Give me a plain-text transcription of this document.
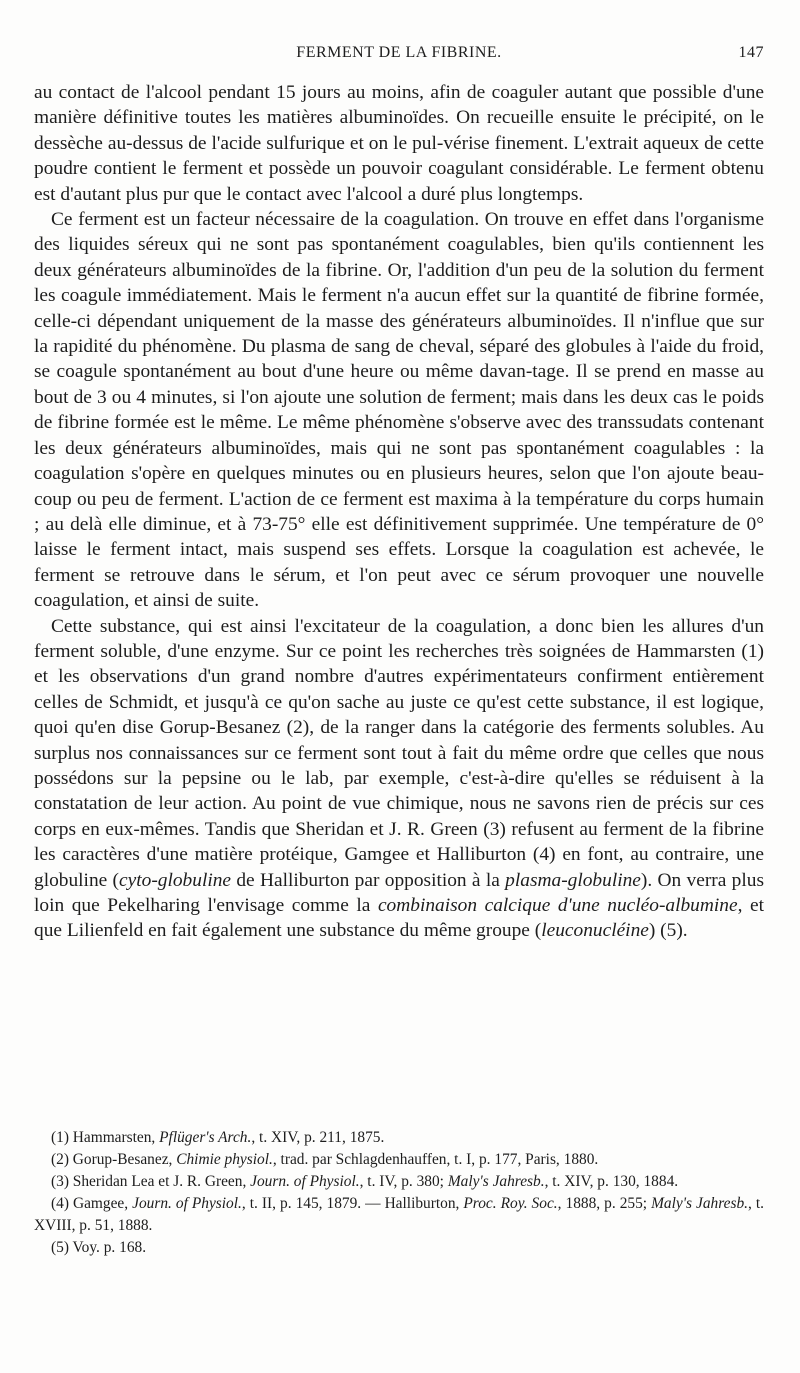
FERMENT DE LA FIBRINE.	147

au contact de l'alcool pendant 15 jours au moins, afin de coaguler autant que possible d'une manière définitive toutes les matières albuminoïdes. On recueille ensuite le précipité, on le dessèche au-dessus de l'acide sulfurique et on le pul-vérise finement. L'extrait aqueux de cette poudre contient le ferment et possède un pouvoir coagulant considérable. Le ferment obtenu est d'autant plus pur que le contact avec l'alcool a duré plus longtemps.

Ce ferment est un facteur nécessaire de la coagulation. On trouve en effet dans l'organisme des liquides séreux qui ne sont pas spontanément coagulables, bien qu'ils contiennent les deux générateurs albuminoïdes de la fibrine. Or, l'addition d'un peu de la solution du ferment les coagule immédiatement. Mais le ferment n'a aucun effet sur la quantité de fibrine formée, celle-ci dépendant uniquement de la masse des générateurs albuminoïdes. Il n'influe que sur la rapidité du phénomène. Du plasma de sang de cheval, séparé des globules à l'aide du froid, se coagule spontanément au bout d'une heure ou même davan-tage. Il se prend en masse au bout de 3 ou 4 minutes, si l'on ajoute une solution de ferment; mais dans les deux cas le poids de fibrine formée est le même. Le même phénomène s'observe avec des transsudats contenant les deux générateurs albuminoïdes, mais qui ne sont pas spontanément coagulables : la coagulation s'opère en quelques minutes ou en plusieurs heures, selon que l'on ajoute beau-coup ou peu de ferment. L'action de ce ferment est maxima à la température du corps humain ; au delà elle diminue, et à 73-75° elle est définitivement supprimée. Une température de 0° laisse le ferment intact, mais suspend ses effets. Lorsque la coagulation est achevée, le ferment se retrouve dans le sérum, et l'on peut avec ce sérum provoquer une nouvelle coagulation, et ainsi de suite.

Cette substance, qui est ainsi l'excitateur de la coagulation, a donc bien les allures d'un ferment soluble, d'une enzyme. Sur ce point les recherches très soignées de Hammarsten (1) et les observations d'un grand nombre d'autres expérimentateurs confirment entièrement celles de Schmidt, et jusqu'à ce qu'on sache au juste ce qu'est cette substance, il est logique, quoi qu'en dise Gorup-Besanez (2), de la ranger dans la catégorie des ferments solubles. Au surplus nos connaissances sur ce ferment sont tout à fait du même ordre que celles que nous possédons sur la pepsine ou le lab, par exemple, c'est-à-dire qu'elles se réduisent à la constatation de leur action. Au point de vue chimique, nous ne savons rien de précis sur ces corps en eux-mêmes. Tandis que Sheridan et J. R. Green (3) refusent au ferment de la fibrine les caractères d'une matière protéique, Gamgee et Halliburton (4) en font, au contraire, une globuline (cyto-globuline de Halliburton par opposition à la plasma-globuline). On verra plus loin que Pekelharing l'envisage comme la combinaison calcique d'une nucléo-albumine, et que Lilienfeld en fait également une substance du même groupe (leuconucléine) (5).

(1) Hammarsten, Pflüger's Arch., t. XIV, p. 211, 1875.

(2) Gorup-Besanez, Chimie physiol., trad. par Schlagdenhauffen, t. I, p. 177, Paris, 1880.

(3) Sheridan Lea et J. R. Green, Journ. of Physiol., t. IV, p. 380; Maly's Jahresb., t. XIV, p. 130, 1884.

(4) Gamgee, Journ. of Physiol., t. II, p. 145, 1879. — Halliburton, Proc. Roy. Soc., 1888, p. 255; Maly's Jahresb., t. XVIII, p. 51, 1888.

(5) Voy. p. 168.
